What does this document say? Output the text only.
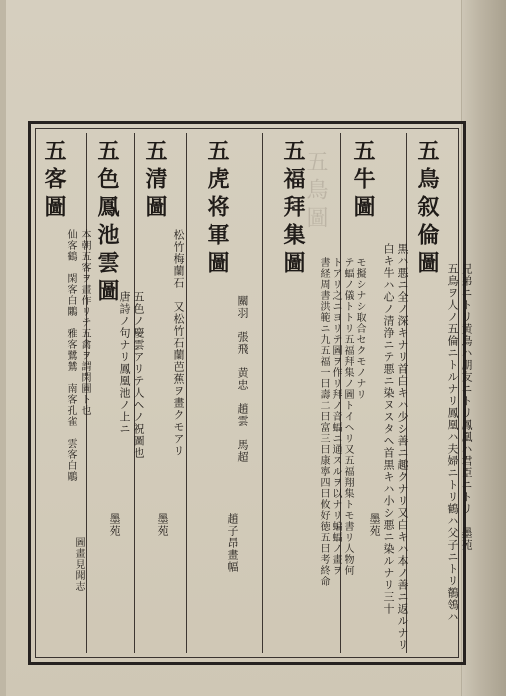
五鳥圖	五鳥叙倫圖
五鳥ヲ人ノ五倫ニトルナリ鳳凰ハ夫婦ニトリ鶴ハ父子ニトリ鶺鴒ハ 兄弟ニトリ黄鳥ハ朋友ニトリ鳳凰ハ君臣ニトリ　墨苑
五牛圖
白キ牛ハ心ノ清浄ニテ悪ニ染ヌスタヘ首黒キハ小シ悪ニ染ルナリ三十 黒ハ悪ニ全ノ深キナリ首白キハ少シ善ニ趣クナリ又白キハ本ノ善ニ返ルナリ
墨苑
五福拜集圖
書経周書洪範ニ九五福一曰壽二曰富三曰康寧四曰攸好徳五曰考終命 トアリ之ニヨリテ圖ヲ作リ拜ノ音蝠ニ通スルヲ以ナリ蝙蝠ノ畫ヲ テ蝠ノ儀トトリ五福拜集ノ圖トイヘリ又五福翔集トモ書リ人物何 モ擬シナシ取合セクモノナリ
五虎将軍圖
關羽　張飛　黄忠　趙雲　馬超
趙子昂畫幅
五清圖
松竹梅蘭石　又松竹石蘭芭蕉ヲ畫クモアリ
墨苑
五色鳳池雲圖
唐詩ノ句ナリ鳳凰池ノ上ニ 五色ノ慶雲アリテ人ヘノ祝圖也
墨苑
五客圖
仙客鶴　閑客白鷴　雅客鷺鷥　南客孔雀　雲客白鵰 本朝五客ヲ畫作リテ五禽ヲ謂閑圖ト也
圖畫見聞志
